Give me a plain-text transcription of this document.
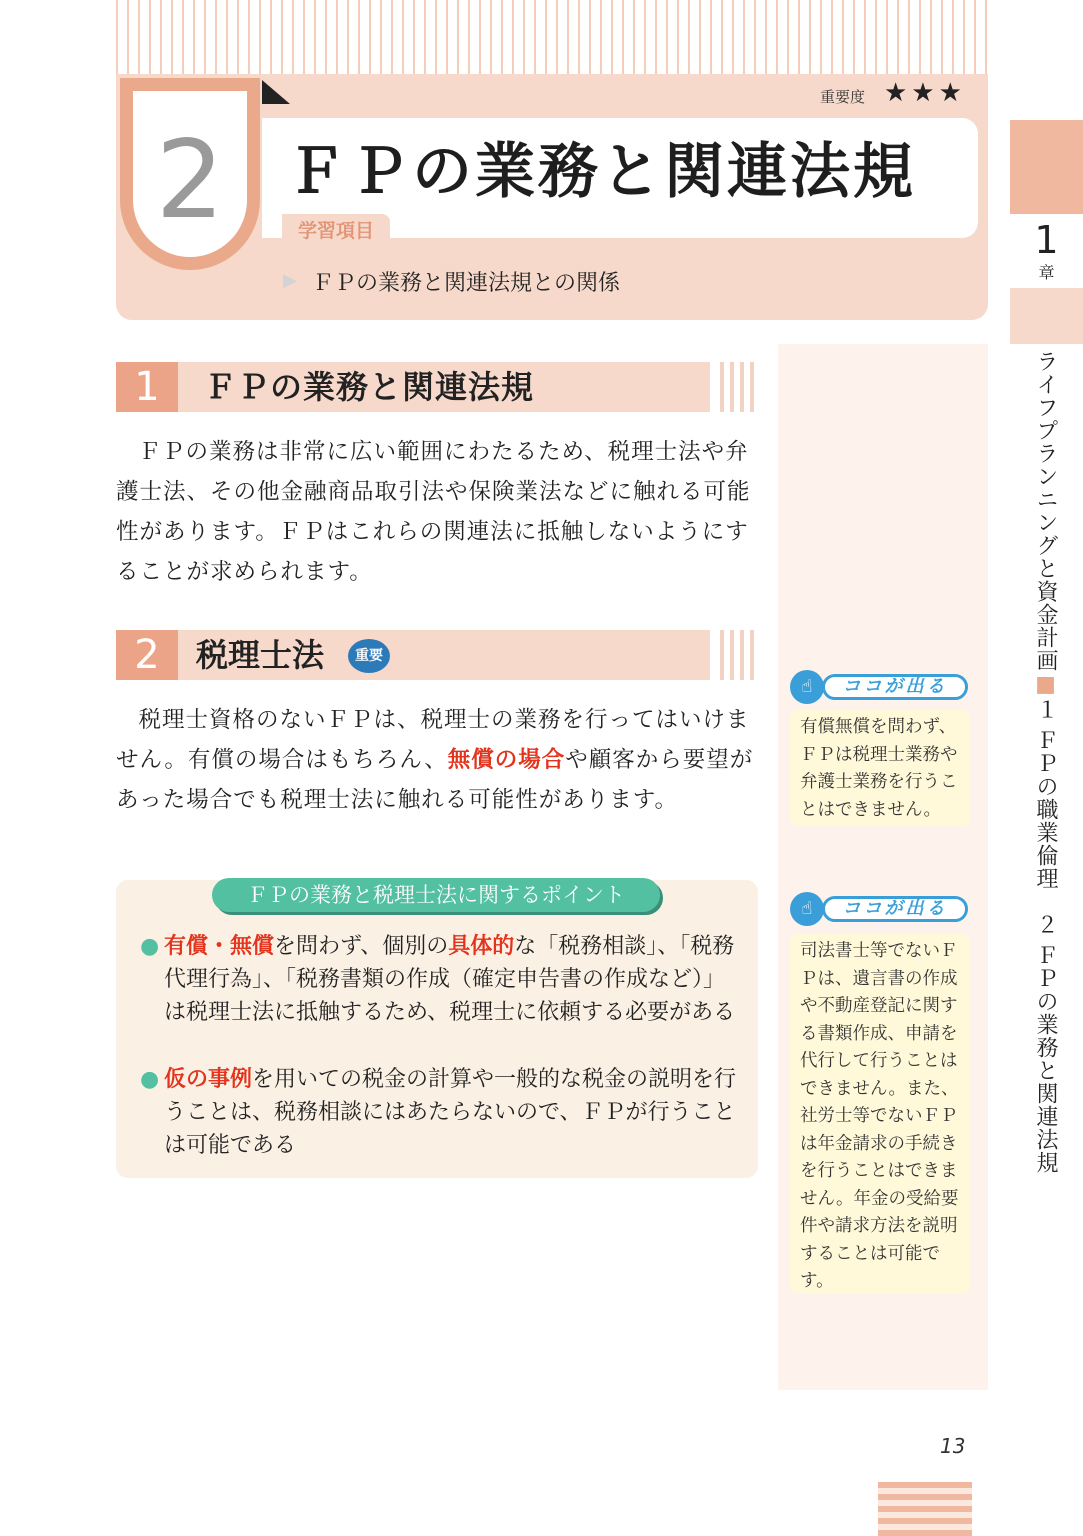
2
重要度 ★★★
ＦＰの業務と関連法規
学習項目
▶ ＦＰの業務と関連法規との関係
1
章
ライフプランニングと資金計画■１ ＦＰの職業倫理　２ ＦＰの業務と関連法規
1	ＦＰの業務と関連法規

ＦＰの業務は非常に広い範囲にわたるため、税理士法や弁護士法、その他金融商品取引法や保険業法などに触れる可能性があります。ＦＰはこれらの関連法に抵触しないようにすることが求められます。

2	税理士法	重要

税理士資格のないＦＰは、税理士の業務を行ってはいけません。有償の場合はもちろん、無償の場合や顧客から要望があった場合でも税理士法に触れる可能性があります。

ＦＰの業務と税理士法に関するポイント
● 有償・無償を問わず、個別の具体的な「税務相談」、「税務代理行為」、「税務書類の作成（確定申告書の作成など）」は税理士法に抵触するため、税理士に依頼する必要がある
● 仮の事例を用いての税金の計算や一般的な税金の説明を行うことは、税務相談にはあたらないので、ＦＰが行うことは可能である
☝	ココが出る
有償無償を問わず、ＦＰは税理士業務や弁護士業務を行うことはできません。
☝	ココが出る
司法書士等でないＦＰは、遺言書の作成や不動産登記に関する書類作成、申請を代行して行うことはできません。また、社労士等でないＦＰは年金請求の手続きを行うことはできません。年金の受給要件や請求方法を説明することは可能です。
13
